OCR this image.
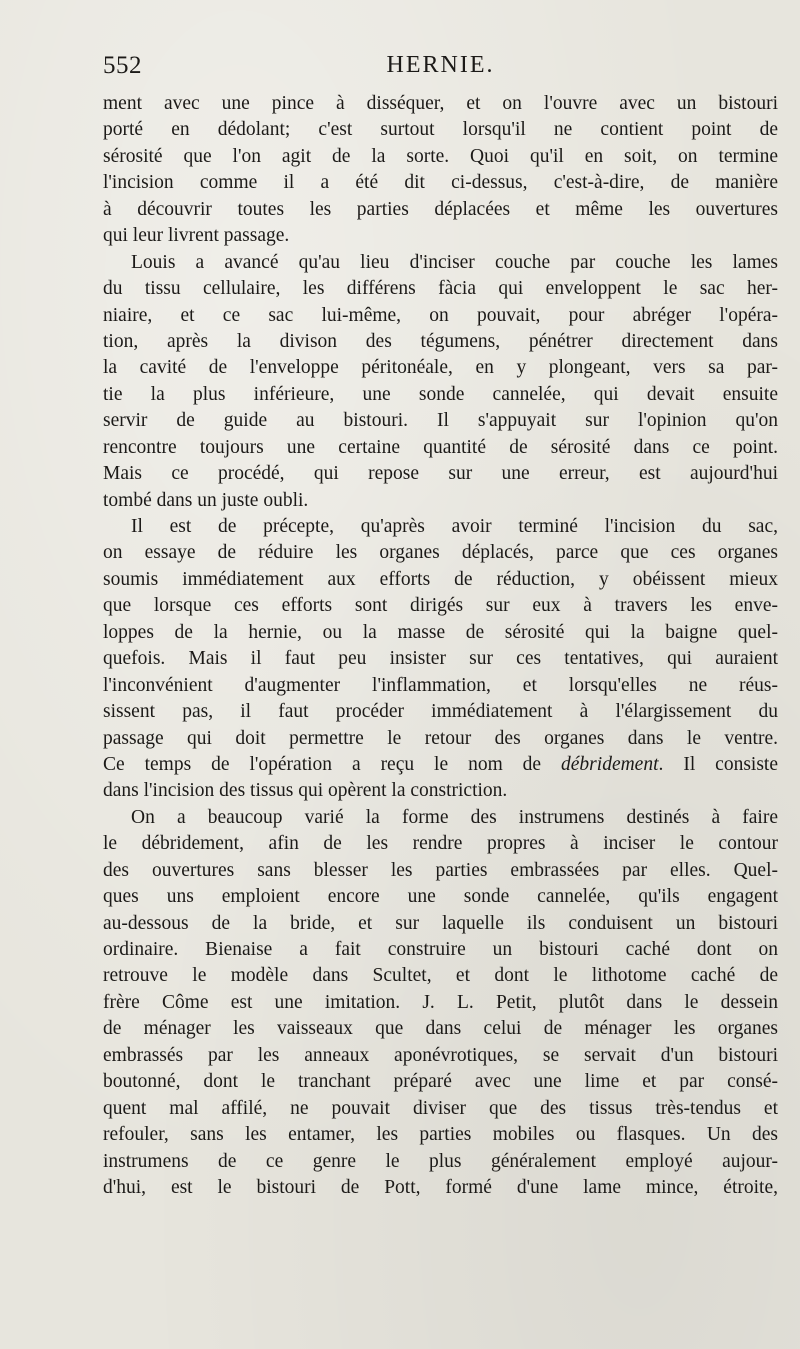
552	HERNIE.
ment avec une pince à disséquer, et on l'ouvre avec un bistouri
porté en dédolant; c'est surtout lorsqu'il ne contient point de
sérosité que l'on agit de la sorte. Quoi qu'il en soit, on termine
l'incision comme il a été dit ci-dessus, c'est-à-dire, de manière
à découvrir toutes les parties déplacées et même les ouvertures
qui leur livrent passage.
Louis a avancé qu'au lieu d'inciser couche par couche les lames
du tissu cellulaire, les différens fàcia qui enveloppent le sac her-
niaire, et ce sac lui-même, on pouvait, pour abréger l'opéra-
tion, après la divison des tégumens, pénétrer directement dans
la cavité de l'enveloppe péritonéale, en y plongeant, vers sa par-
tie la plus inférieure, une sonde cannelée, qui devait ensuite
servir de guide au bistouri. Il s'appuyait sur l'opinion qu'on
rencontre toujours une certaine quantité de sérosité dans ce point.
Mais ce procédé, qui repose sur une erreur, est aujourd'hui
tombé dans un juste oubli.
Il est de précepte, qu'après avoir terminé l'incision du sac,
on essaye de réduire les organes déplacés, parce que ces organes
soumis immédiatement aux efforts de réduction, y obéissent mieux
que lorsque ces efforts sont dirigés sur eux à travers les enve-
loppes de la hernie, ou la masse de sérosité qui la baigne quel-
quefois. Mais il faut peu insister sur ces tentatives, qui auraient
l'inconvénient d'augmenter l'inflammation, et lorsqu'elles ne réus-
sissent pas, il faut procéder immédiatement à l'élargissement du
passage qui doit permettre le retour des organes dans le ventre.
Ce temps de l'opération a reçu le nom de débridement. Il consiste
dans l'incision des tissus qui opèrent la constriction.
On a beaucoup varié la forme des instrumens destinés à faire
le débridement, afin de les rendre propres à inciser le contour
des ouvertures sans blesser les parties embrassées par elles. Quel-
ques uns emploient encore une sonde cannelée, qu'ils engagent
au-dessous de la bride, et sur laquelle ils conduisent un bistouri
ordinaire. Bienaise a fait construire un bistouri caché dont on
retrouve le modèle dans Scultet, et dont le lithotome caché de
frère Côme est une imitation. J. L. Petit, plutôt dans le dessein
de ménager les vaisseaux que dans celui de ménager les organes
embrassés par les anneaux aponévrotiques, se servait d'un bistouri
boutonné, dont le tranchant préparé avec une lime et par consé-
quent mal affilé, ne pouvait diviser que des tissus très-tendus et
refouler, sans les entamer, les parties mobiles ou flasques. Un des
instrumens de ce genre le plus généralement employé aujour-
d'hui, est le bistouri de Pott, formé d'une lame mince, étroite,
